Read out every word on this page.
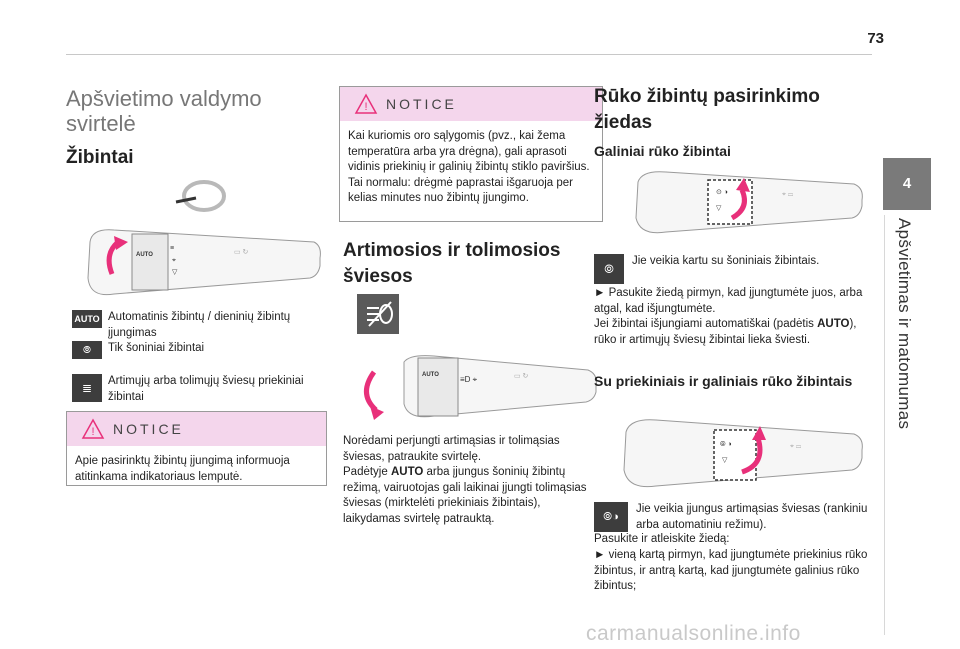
73
4
Apšvietimas ir matomumas
Apšvietimo valdymo svirtelė
Žibintai
AUTO
≡
⌖
▽
▭ ↻
AUTO Automatinis žibintų / dieninių žibintų įjungimas
⦾ Tik šoniniai žibintai
≣ Artimųjų arba tolimųjų šviesų priekiniai žibintai
! NOTICE
Apie pasirinktų žibintų įjungimą informuoja atitinkama indikatoriaus lemputė.
! NOTICE
Kai kuriomis oro sąlygomis (pvz., kai žema temperatūra arba yra drėgna), gali aprasoti vidinis priekinių ir galinių žibintų stiklo paviršius. Tai normalu: drėgmė paprastai išgaruoja per kelias minutes nuo žibintų įjungimo.
Artimosios ir tolimosios šviesos
AUTO	≡D ⌖	▭ ↻
Norėdami perjungti artimąsias ir tolimąsias šviesas, patraukite svirtelę.
Padėtyje AUTO arba įjungus šoninių žibintų režimą, vairuotojas gali laikinai įjungti tolimąsias šviesas (mirktelėti priekiniais žibintais), laikydamas svirtelę patrauktą.
Rūko žibintų pasirinkimo žiedas
Galiniai rūko žibintai
⊙ ◑
▽
⌖ ▭
⦾
Jie veikia kartu su šoniniais žibintais.
► Pasukite žiedą pirmyn, kad įjungtumėte juos, arba atgal, kad išjungtumėte.
Jei žibintai išjungiami automatiškai (padėtis AUTO), rūko ir artimųjų šviesų žibintai lieka šviesti.
Su priekiniais ir galiniais rūko žibintais
⦾ ◑
▽
⌖ ▭
⦾◑
Jie veikia įjungus artimąsias šviesas (rankiniu arba automatiniu režimu).
Pasukite ir atleiskite žiedą:
► vieną kartą pirmyn, kad įjungtumėte priekinius rūko žibintus, ir antrą kartą, kad įjungtumėte galinius rūko žibintus;
carmanualsonline.info
